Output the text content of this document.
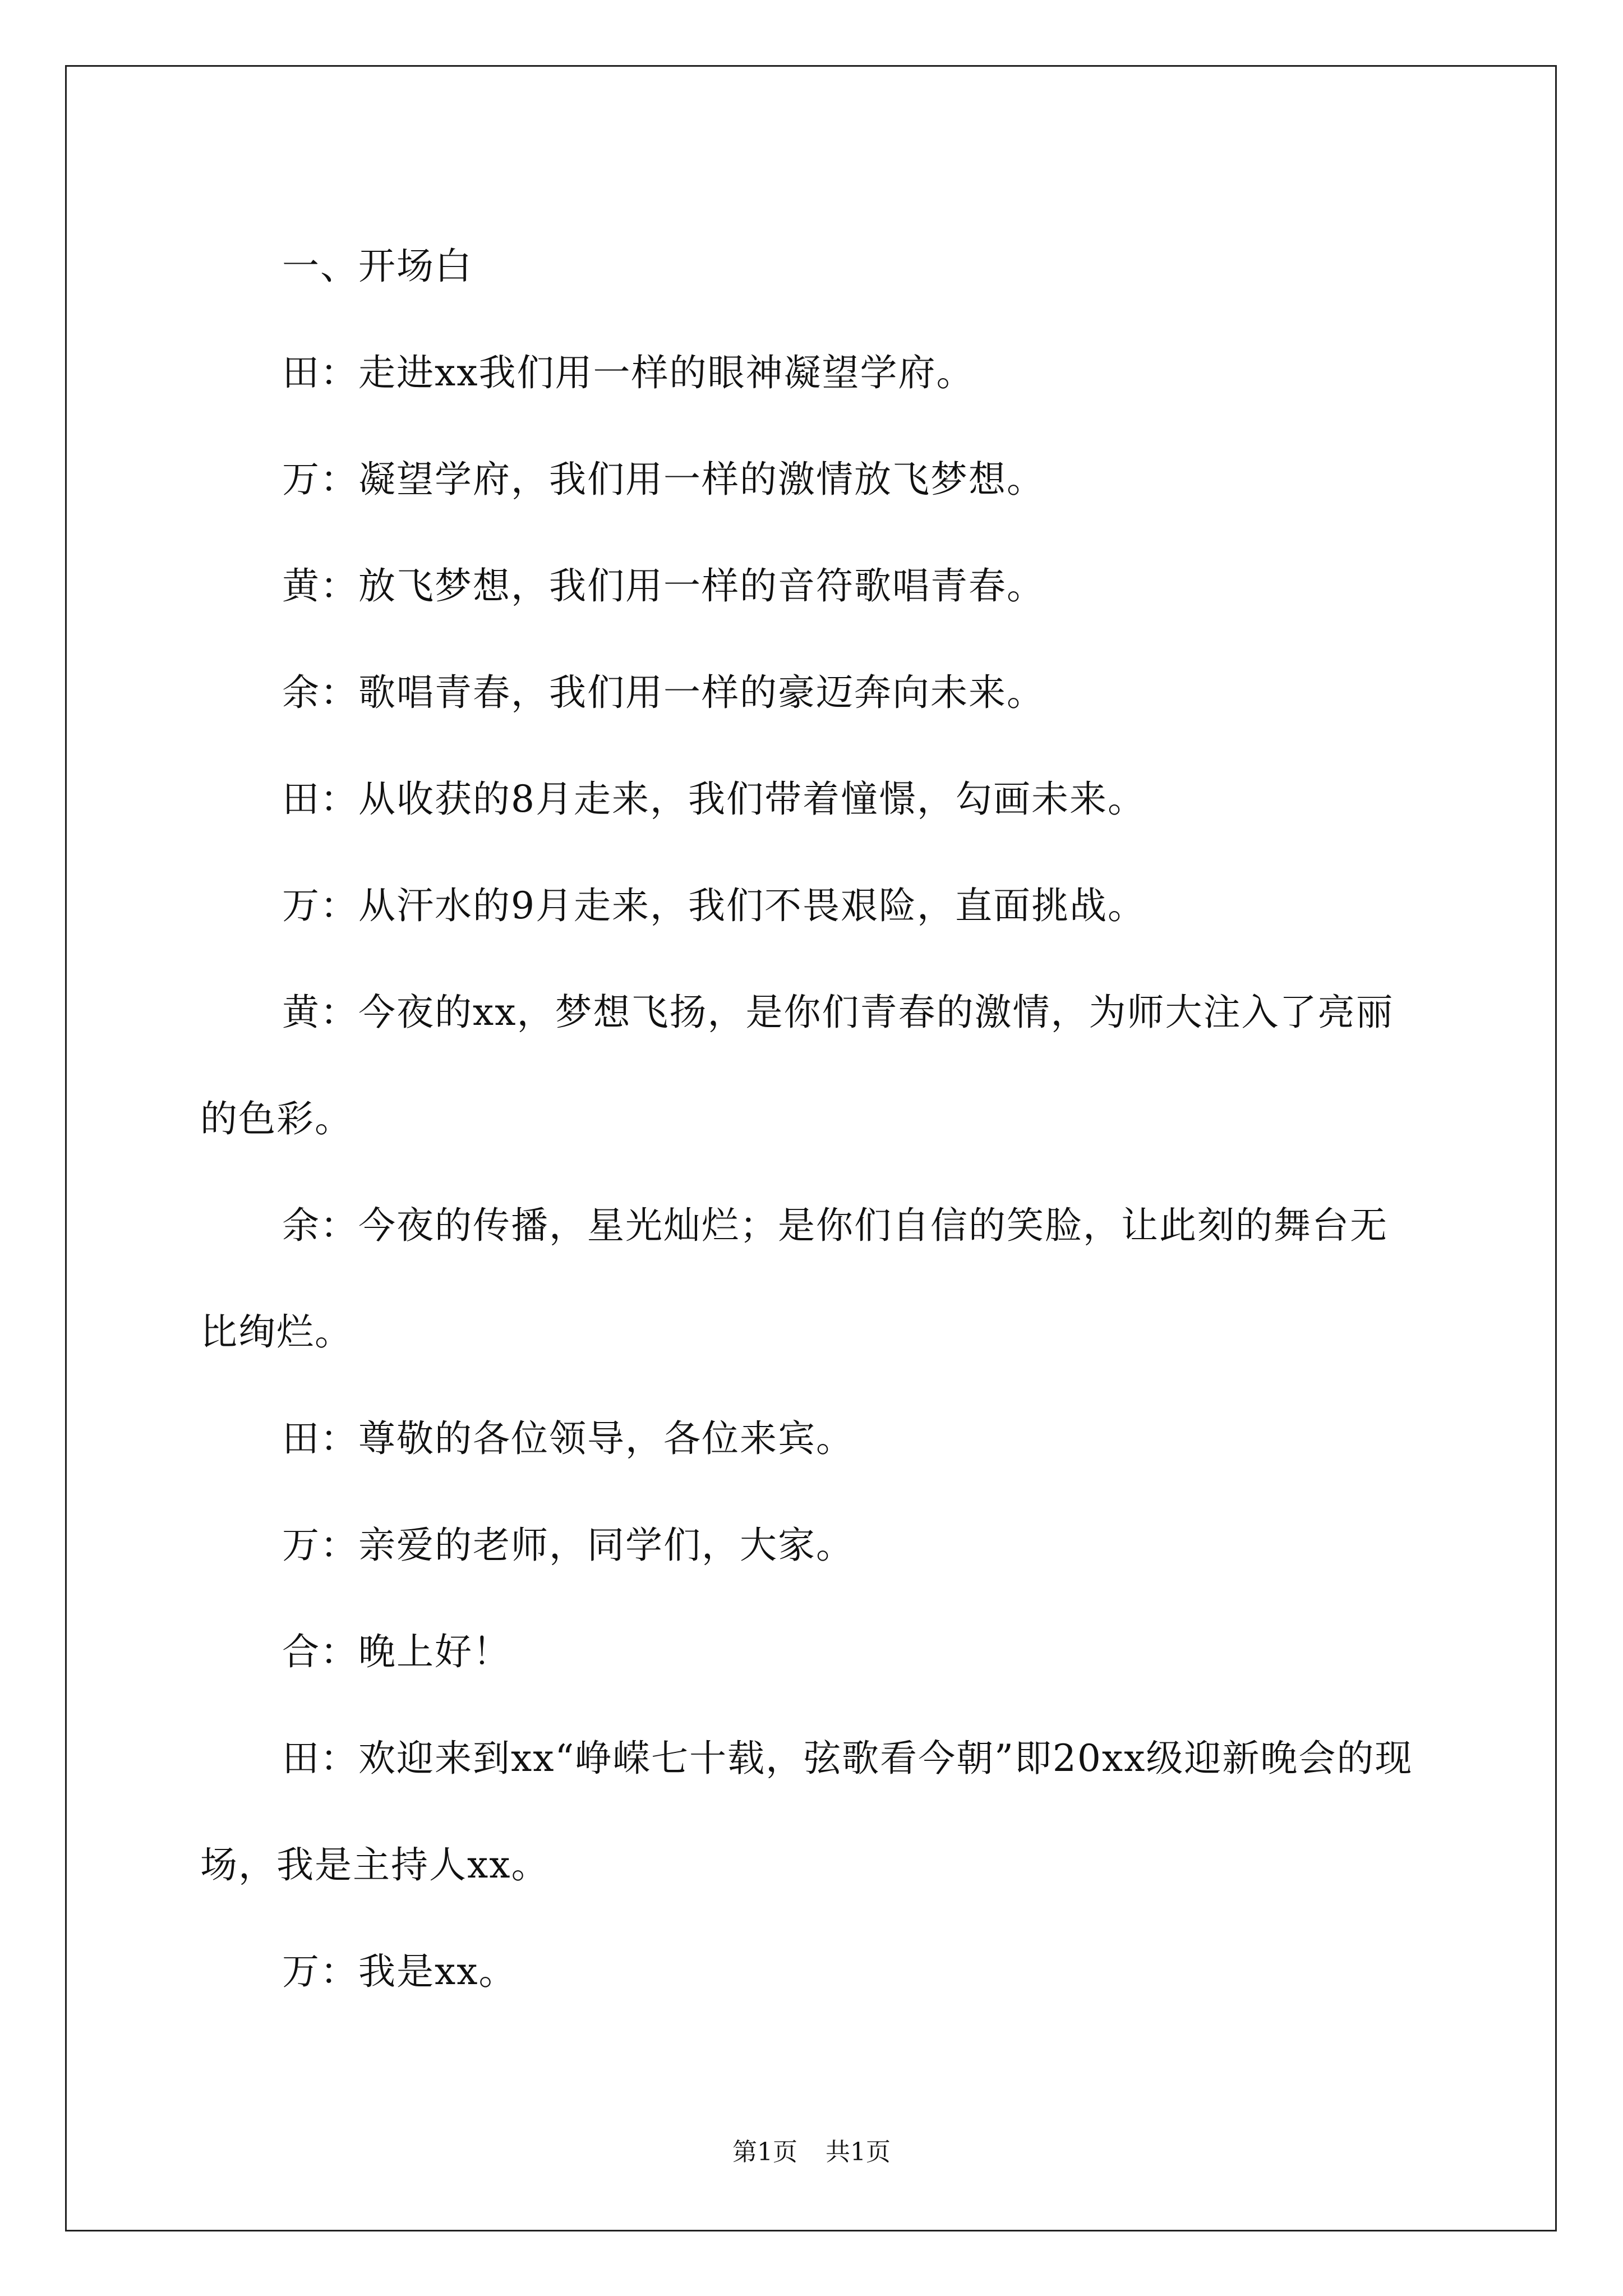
一、开场白

田：走进xx我们用一样的眼神凝望学府。

万：凝望学府，我们用一样的激情放飞梦想。

黄：放飞梦想，我们用一样的音符歌唱青春。

余：歌唱青春，我们用一样的豪迈奔向未来。

田：从收获的8月走来，我们带着憧憬，勾画未来。

万：从汗水的9月走来，我们不畏艰险，直面挑战。

黄：今夜的xx，梦想飞扬，是你们青春的激情，为师大注入了亮丽的色彩。

余：今夜的传播，星光灿烂；是你们自信的笑脸，让此刻的舞台无比绚烂。

田：尊敬的各位领导，各位来宾。

万：亲爱的老师，同学们，大家。

合：晚上好！

田：欢迎来到xx“峥嵘七十载，弦歌看今朝”即20xx级迎新晚会的现场，我是主持人xx。

万：我是xx。

第1页 共1页
